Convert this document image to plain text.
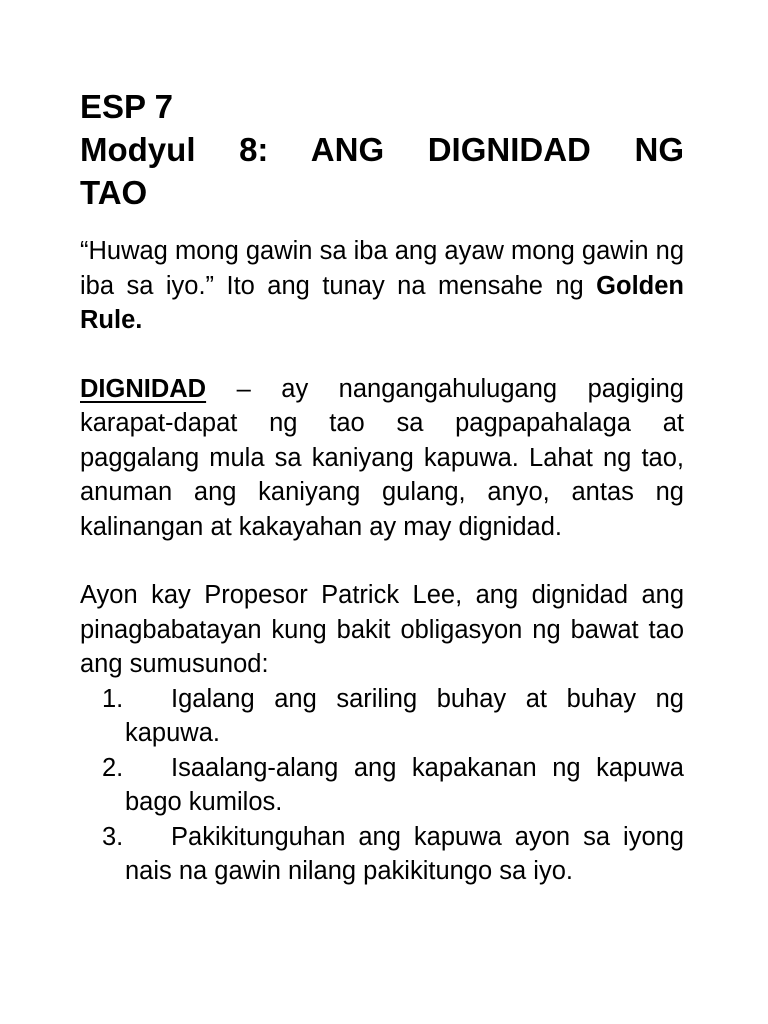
ESP 7
Modyul 8: ANG DIGNIDAD NG
TAO

“Huwag mong gawin sa iba ang ayaw mong gawin ng iba sa iyo.” Ito ang tunay na mensahe ng Golden Rule.

DIGNIDAD – ay nangangahulugang pagiging karapat-dapat ng tao sa pagpapahalaga at paggalang mula sa kaniyang kapuwa. Lahat ng tao, anuman ang kaniyang gulang, anyo, antas ng kalinangan at kakayahan ay may dignidad.

Ayon kay Propesor Patrick Lee, ang dignidad ang pinagbabatayan kung bakit obligasyon ng bawat tao ang sumusunod:

1.	Igalang ang sariling buhay at buhay ng kapuwa.
2.	Isaalang-alang ang kapakanan ng kapuwa bago kumilos.
3.	Pakikitunguhan ang kapuwa ayon sa iyong nais na gawin nilang pakikitungo sa iyo.
